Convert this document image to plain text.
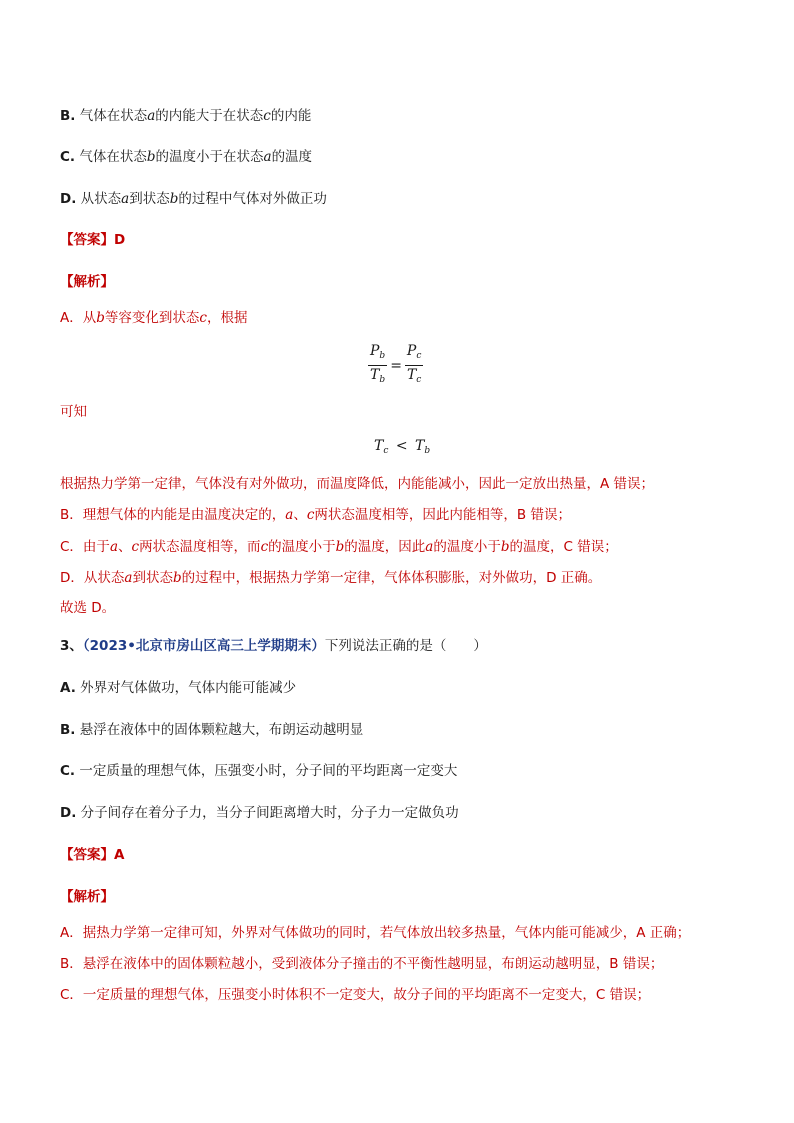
B. 气体在状态a的内能大于在状态c的内能
C. 气体在状态b的温度小于在状态a的温度
D. 从状态a到状态b的过程中气体对外做正功
【答案】D
【解析】
A．从b等容变化到状态c，根据
$\frac{P_b}{T_b} = \frac{P_c}{T_c}$
可知
$T_c < T_b$
根据热力学第一定律，气体没有对外做功，而温度降低，内能能减小，因此一定放出热量，A 错误；
B．理想气体的内能是由温度决定的，a、c两状态温度相等，因此内能相等，B 错误；
C．由于a、c两状态温度相等，而c的温度小于b的温度，因此a的温度小于b的温度，C 错误；
D．从状态a到状态b的过程中，根据热力学第一定律，气体体积膨胀，对外做功，D 正确。
故选 D。
3、（2023•北京市房山区高三上学期期末）下列说法正确的是（　　）
A. 外界对气体做功，气体内能可能减少
B. 悬浮在液体中的固体颗粒越大，布朗运动越明显
C. 一定质量的理想气体，压强变小时，分子间的平均距离一定变大
D. 分子间存在着分子力，当分子间距离增大时，分子力一定做负功
【答案】A
【解析】
A．据热力学第一定律可知，外界对气体做功的同时，若气体放出较多热量，气体内能可能减少，A 正确；
B．悬浮在液体中的固体颗粒越小，受到液体分子撞击的不平衡性越明显，布朗运动越明显，B 错误；
C．一定质量的理想气体，压强变小时体积不一定变大，故分子间的平均距离不一定变大，C 错误；
